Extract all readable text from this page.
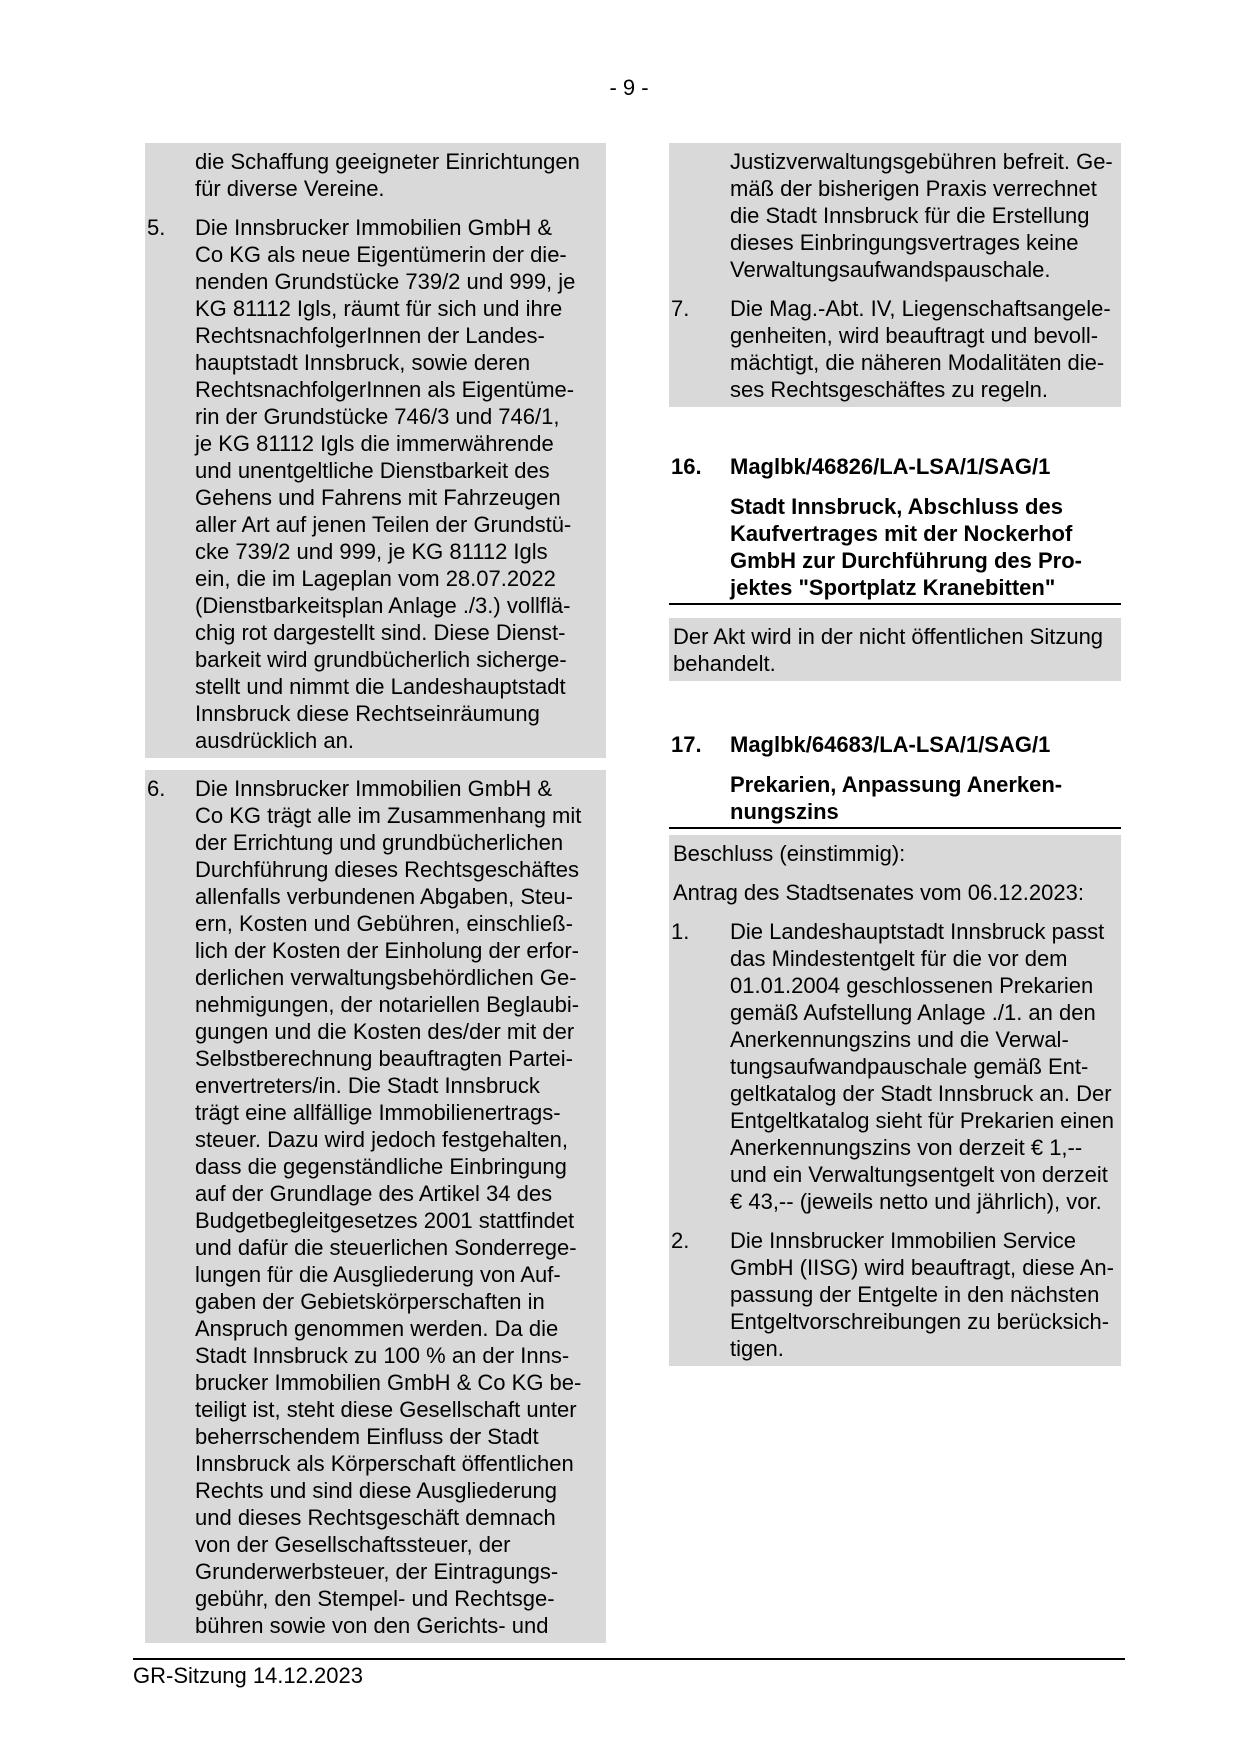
- 9 -
die Schaffung geeigneter Einrichtungen
für diverse Vereine.
5. Die Innsbrucker Immobilien GmbH &
Co KG als neue Eigentümerin der die-
nenden Grundstücke 739/2 und 999, je
KG 81112 Igls, räumt für sich und ihre
RechtsnachfolgerInnen der Landes-
hauptstadt Innsbruck, sowie deren
RechtsnachfolgerInnen als Eigentüme-
rin der Grundstücke 746/3 und 746/1,
je KG 81112 Igls die immerwährende
und unentgeltliche Dienstbarkeit des
Gehens und Fahrens mit Fahrzeugen
aller Art auf jenen Teilen der Grundstü-
cke 739/2 und 999, je KG 81112 Igls
ein, die im Lageplan vom 28.07.2022
(Dienstbarkeitsplan Anlage ./3.) vollflä-
chig rot dargestellt sind. Diese Dienst-
barkeit wird grundbücherlich sicherge-
stellt und nimmt die Landeshauptstadt
Innsbruck diese Rechtseinräumung
ausdrücklich an.
6. Die Innsbrucker Immobilien GmbH &
Co KG trägt alle im Zusammenhang mit
der Errichtung und grundbücherlichen
Durchführung dieses Rechtsgeschäftes
allenfalls verbundenen Abgaben, Steu-
ern, Kosten und Gebühren, einschließ-
lich der Kosten der Einholung der erfor-
derlichen verwaltungsbehördlichen Ge-
nehmigungen, der notariellen Beglaubi-
gungen und die Kosten des/der mit der
Selbstberechnung beauftragten Partei-
envertreters/in. Die Stadt Innsbruck
trägt eine allfällige Immobilienertrags-
steuer. Dazu wird jedoch festgehalten,
dass die gegenständliche Einbringung
auf der Grundlage des Artikel 34 des
Budgetbegleitgesetzes 2001 stattfindet
und dafür die steuerlichen Sonderrege-
lungen für die Ausgliederung von Auf-
gaben der Gebietskörperschaften in
Anspruch genommen werden. Da die
Stadt Innsbruck zu 100 % an der Inns-
brucker Immobilien GmbH & Co KG be-
teiligt ist, steht diese Gesellschaft unter
beherrschendem Einfluss der Stadt
Innsbruck als Körperschaft öffentlichen
Rechts und sind diese Ausgliederung
und dieses Rechtsgeschäft demnach
von der Gesellschaftssteuer, der
Grunderwerbsteuer, der Eintragungs-
gebühr, den Stempel- und Rechtsge-
bühren sowie von den Gerichts- und
Justizverwaltungsgebühren befreit. Ge-
mäß der bisherigen Praxis verrechnet
die Stadt Innsbruck für die Erstellung
dieses Einbringungsvertrages keine
Verwaltungsaufwandspauschale.
7. Die Mag.-Abt. IV, Liegenschaftsangele-
genheiten, wird beauftragt und bevoll-
mächtigt, die näheren Modalitäten die-
ses Rechtsgeschäftes zu regeln.
16. Maglbk/46826/LA-LSA/1/SAG/1
Stadt Innsbruck, Abschluss des
Kaufvertrages mit der Nockerhof
GmbH zur Durchführung des Pro-
jektes "Sportplatz Kranebitten"
Der Akt wird in der nicht öffentlichen Sitzung
behandelt.
17. Maglbk/64683/LA-LSA/1/SAG/1
Prekarien, Anpassung Anerken-
nungszins
Beschluss (einstimmig):
Antrag des Stadtsenates vom 06.12.2023:
1. Die Landeshauptstadt Innsbruck passt
das Mindestentgelt für die vor dem
01.01.2004 geschlossenen Prekarien
gemäß Aufstellung Anlage ./1. an den
Anerkennungszins und die Verwal-
tungsaufwandpauschale gemäß Ent-
geltkatalog der Stadt Innsbruck an. Der
Entgeltkatalog sieht für Prekarien einen
Anerkennungszins von derzeit € 1,--
und ein Verwaltungsentgelt von derzeit
€ 43,-- (jeweils netto und jährlich), vor.
2. Die Innsbrucker Immobilien Service
GmbH (IISG) wird beauftragt, diese An-
passung der Entgelte in den nächsten
Entgeltvorschreibungen zu berücksich-
tigen.
GR-Sitzung 14.12.2023
